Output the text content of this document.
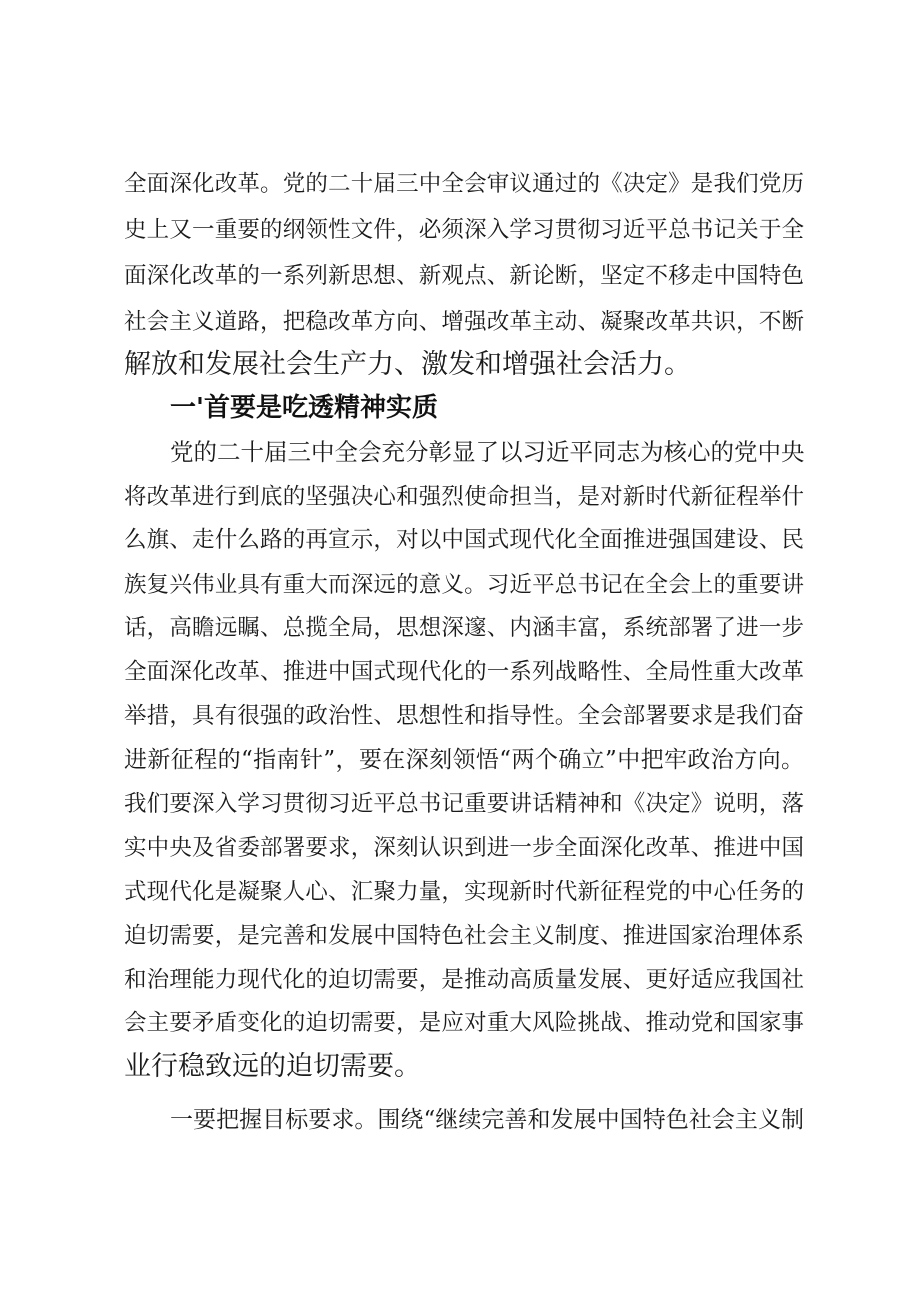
全面深化改革。党的二十届三中全会审议通过的《决定》是我们党历
史上又一重要的纲领性文件，必须深入学习贯彻习近平总书记关于全
面深化改革的一系列新思想、新观点、新论断，坚定不移走中国特色
社会主义道路，把稳改革方向、增强改革主动、凝聚改革共识，不断
解放和发展社会生产力、激发和增强社会活力。
一'首要是吃透精神实质
党的二十届三中全会充分彰显了以习近平同志为核心的党中央
将改革进行到底的坚强决心和强烈使命担当，是对新时代新征程举什
么旗、走什么路的再宣示，对以中国式现代化全面推进强国建设、民
族复兴伟业具有重大而深远的意义。习近平总书记在全会上的重要讲
话，高瞻远瞩、总揽全局，思想深邃、内涵丰富，系统部署了进一步
全面深化改革、推进中国式现代化的一系列战略性、全局性重大改革
举措，具有很强的政治性、思想性和指导性。全会部署要求是我们奋
进新征程的“指南针”，要在深刻领悟“两个确立”中把牢政治方向。
我们要深入学习贯彻习近平总书记重要讲话精神和《决定》说明，落
实中央及省委部署要求，深刻认识到进一步全面深化改革、推进中国
式现代化是凝聚人心、汇聚力量，实现新时代新征程党的中心任务的
迫切需要，是完善和发展中国特色社会主义制度、推进国家治理体系
和治理能力现代化的迫切需要，是推动高质量发展、更好适应我国社
会主要矛盾变化的迫切需要，是应对重大风险挑战、推动党和国家事
业行稳致远的迫切需要。
一要把握目标要求。围绕“继续完善和发展中国特色社会主义制
